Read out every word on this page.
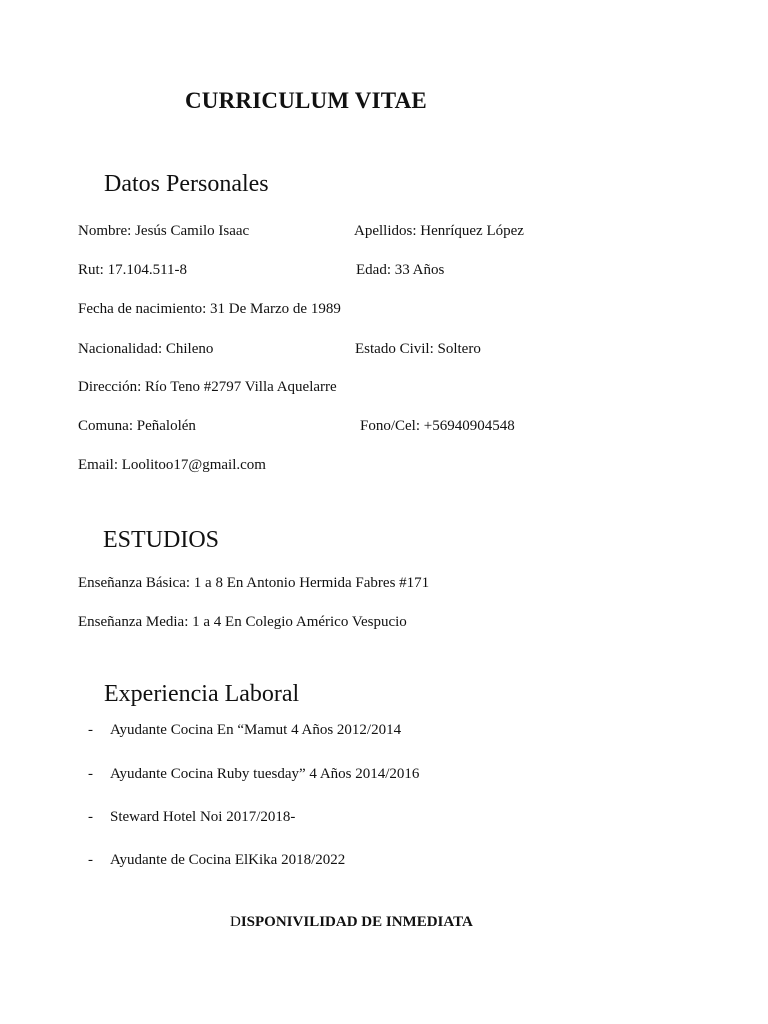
CURRICULUM VITAE
Datos Personales
Nombre: Jesús Camilo Isaac	Apellidos: Henríquez López
Rut: 17.104.511-8	Edad: 33 Años
Fecha de nacimiento: 31 De Marzo de 1989
Nacionalidad: Chileno	Estado Civil: Soltero
Dirección: Río Teno #2797 Villa Aquelarre
Comuna: Peñalolén	Fono/Cel: +56940904548
Email: Loolitoo17@gmail.com
ESTUDIOS
Enseñanza Básica: 1 a 8 En Antonio Hermida Fabres #171
Enseñanza Media: 1 a 4 En Colegio Américo Vespucio
Experiencia Laboral
- Ayudante Cocina En “Mamut 4 Años 2012/2014
- Ayudante Cocina Ruby tuesday” 4 Años 2014/2016
- Steward Hotel Noi 2017/2018-
- Ayudante de Cocina ElKika 2018/2022
DISPONIVILIDAD DE INMEDIATA
